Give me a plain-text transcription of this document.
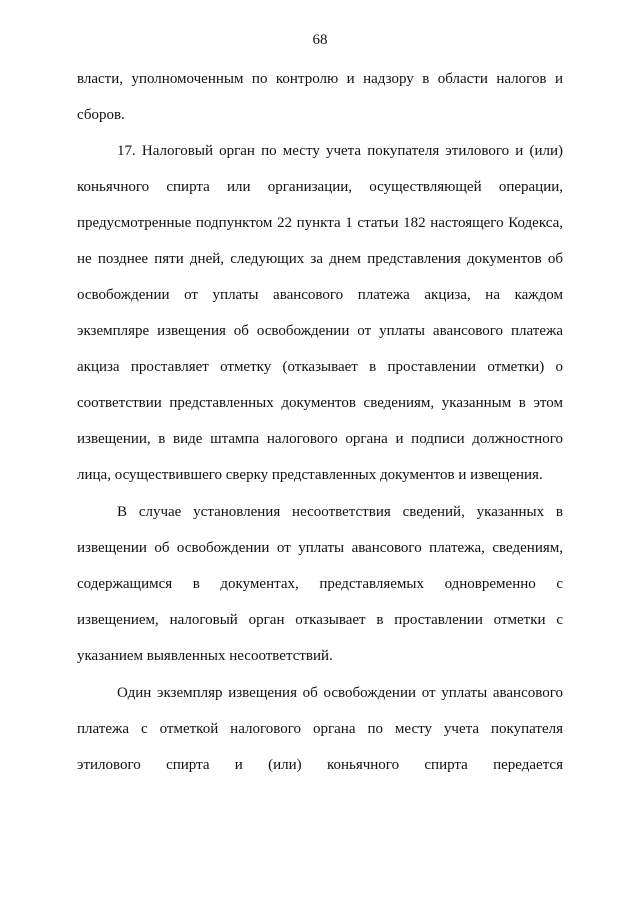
68
власти, уполномоченным по контролю и надзору в области налогов и
сборов.
17. Налоговый орган по месту учета покупателя этилового и (или)
коньячного спирта или организации, осуществляющей операции,
предусмотренные подпунктом 22 пункта 1 статьи 182 настоящего Кодекса,
не позднее пяти дней, следующих за днем представления документов об
освобождении от уплаты авансового платежа акциза, на каждом
экземпляре извещения об освобождении от уплаты авансового платежа
акциза проставляет отметку (отказывает в проставлении отметки) о
соответствии представленных документов сведениям, указанным в этом
извещении, в виде штампа налогового органа и подписи должностного
лица, осуществившего сверку представленных документов и извещения.
В случае установления несоответствия сведений, указанных в
извещении об освобождении от уплаты авансового платежа, сведениям,
содержащимся в документах, представляемых одновременно с
извещением, налоговый орган отказывает в проставлении отметки с
указанием выявленных несоответствий.
Один экземпляр извещения об освобождении от уплаты авансового
платежа с отметкой налогового органа по месту учета покупателя
этилового спирта и (или) коньячного спирта передается
